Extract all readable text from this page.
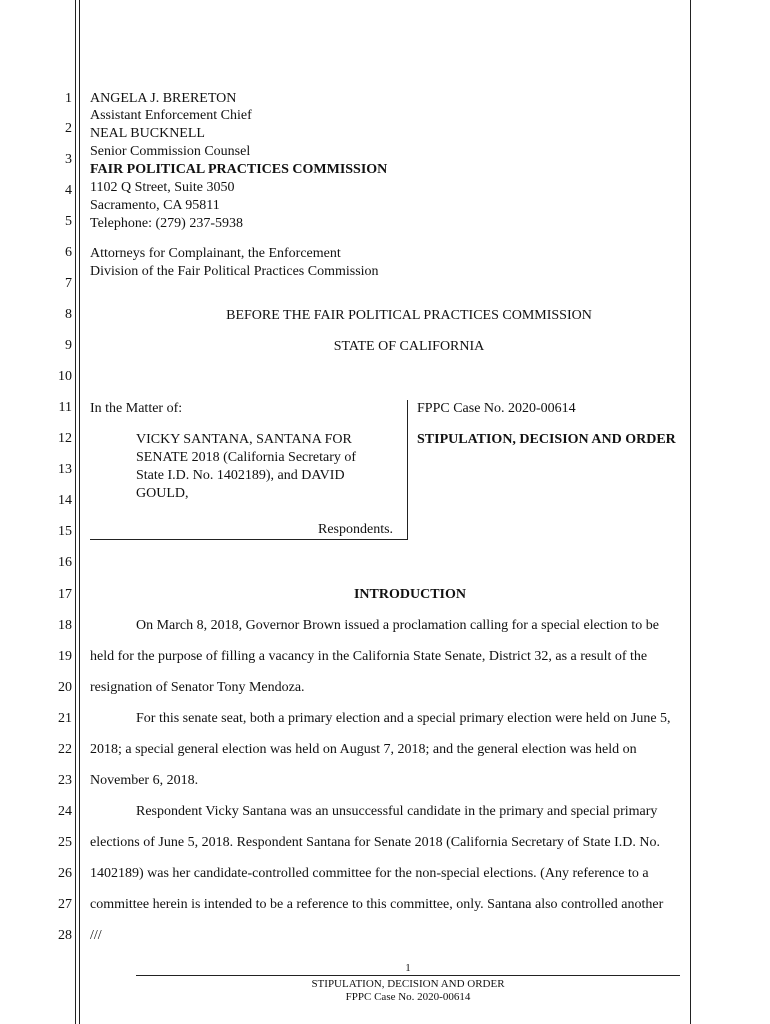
1
2
3
4
5
6
7
8
9
10
11
12
13
14
15
16
17
18
19
20
21
22
23
24
25
26
27
28
ANGELA J. BRERETON
Assistant Enforcement Chief
NEAL BUCKNELL
Senior Commission Counsel
FAIR POLITICAL PRACTICES COMMISSION
1102 Q Street, Suite 3050
Sacramento, CA 95811
Telephone: (279) 237-5938
Attorneys for Complainant, the Enforcement
Division of the Fair Political Practices Commission
BEFORE THE FAIR POLITICAL PRACTICES COMMISSION
STATE OF CALIFORNIA
In the Matter of:
VICKY SANTANA, SANTANA FOR
SENATE 2018 (California Secretary of
State I.D. No. 1402189), and DAVID
GOULD,
Respondents.
FPPC Case No. 2020-00614
STIPULATION, DECISION AND ORDER
INTRODUCTION
On March 8, 2018, Governor Brown issued a proclamation calling for a special election to be
held for the purpose of filling a vacancy in the California State Senate, District 32, as a result of the
resignation of Senator Tony Mendoza.
For this senate seat, both a primary election and a special primary election were held on June 5,
2018; a special general election was held on August 7, 2018; and the general election was held on
November 6, 2018.
Respondent Vicky Santana was an unsuccessful candidate in the primary and special primary
elections of June 5, 2018. Respondent Santana for Senate 2018 (California Secretary of State I.D. No.
1402189) was her candidate-controlled committee for the non-special elections. (Any reference to a
committee herein is intended to be a reference to this committee, only. Santana also controlled another
///
1
STIPULATION, DECISION AND ORDER
FPPC Case No. 2020-00614
